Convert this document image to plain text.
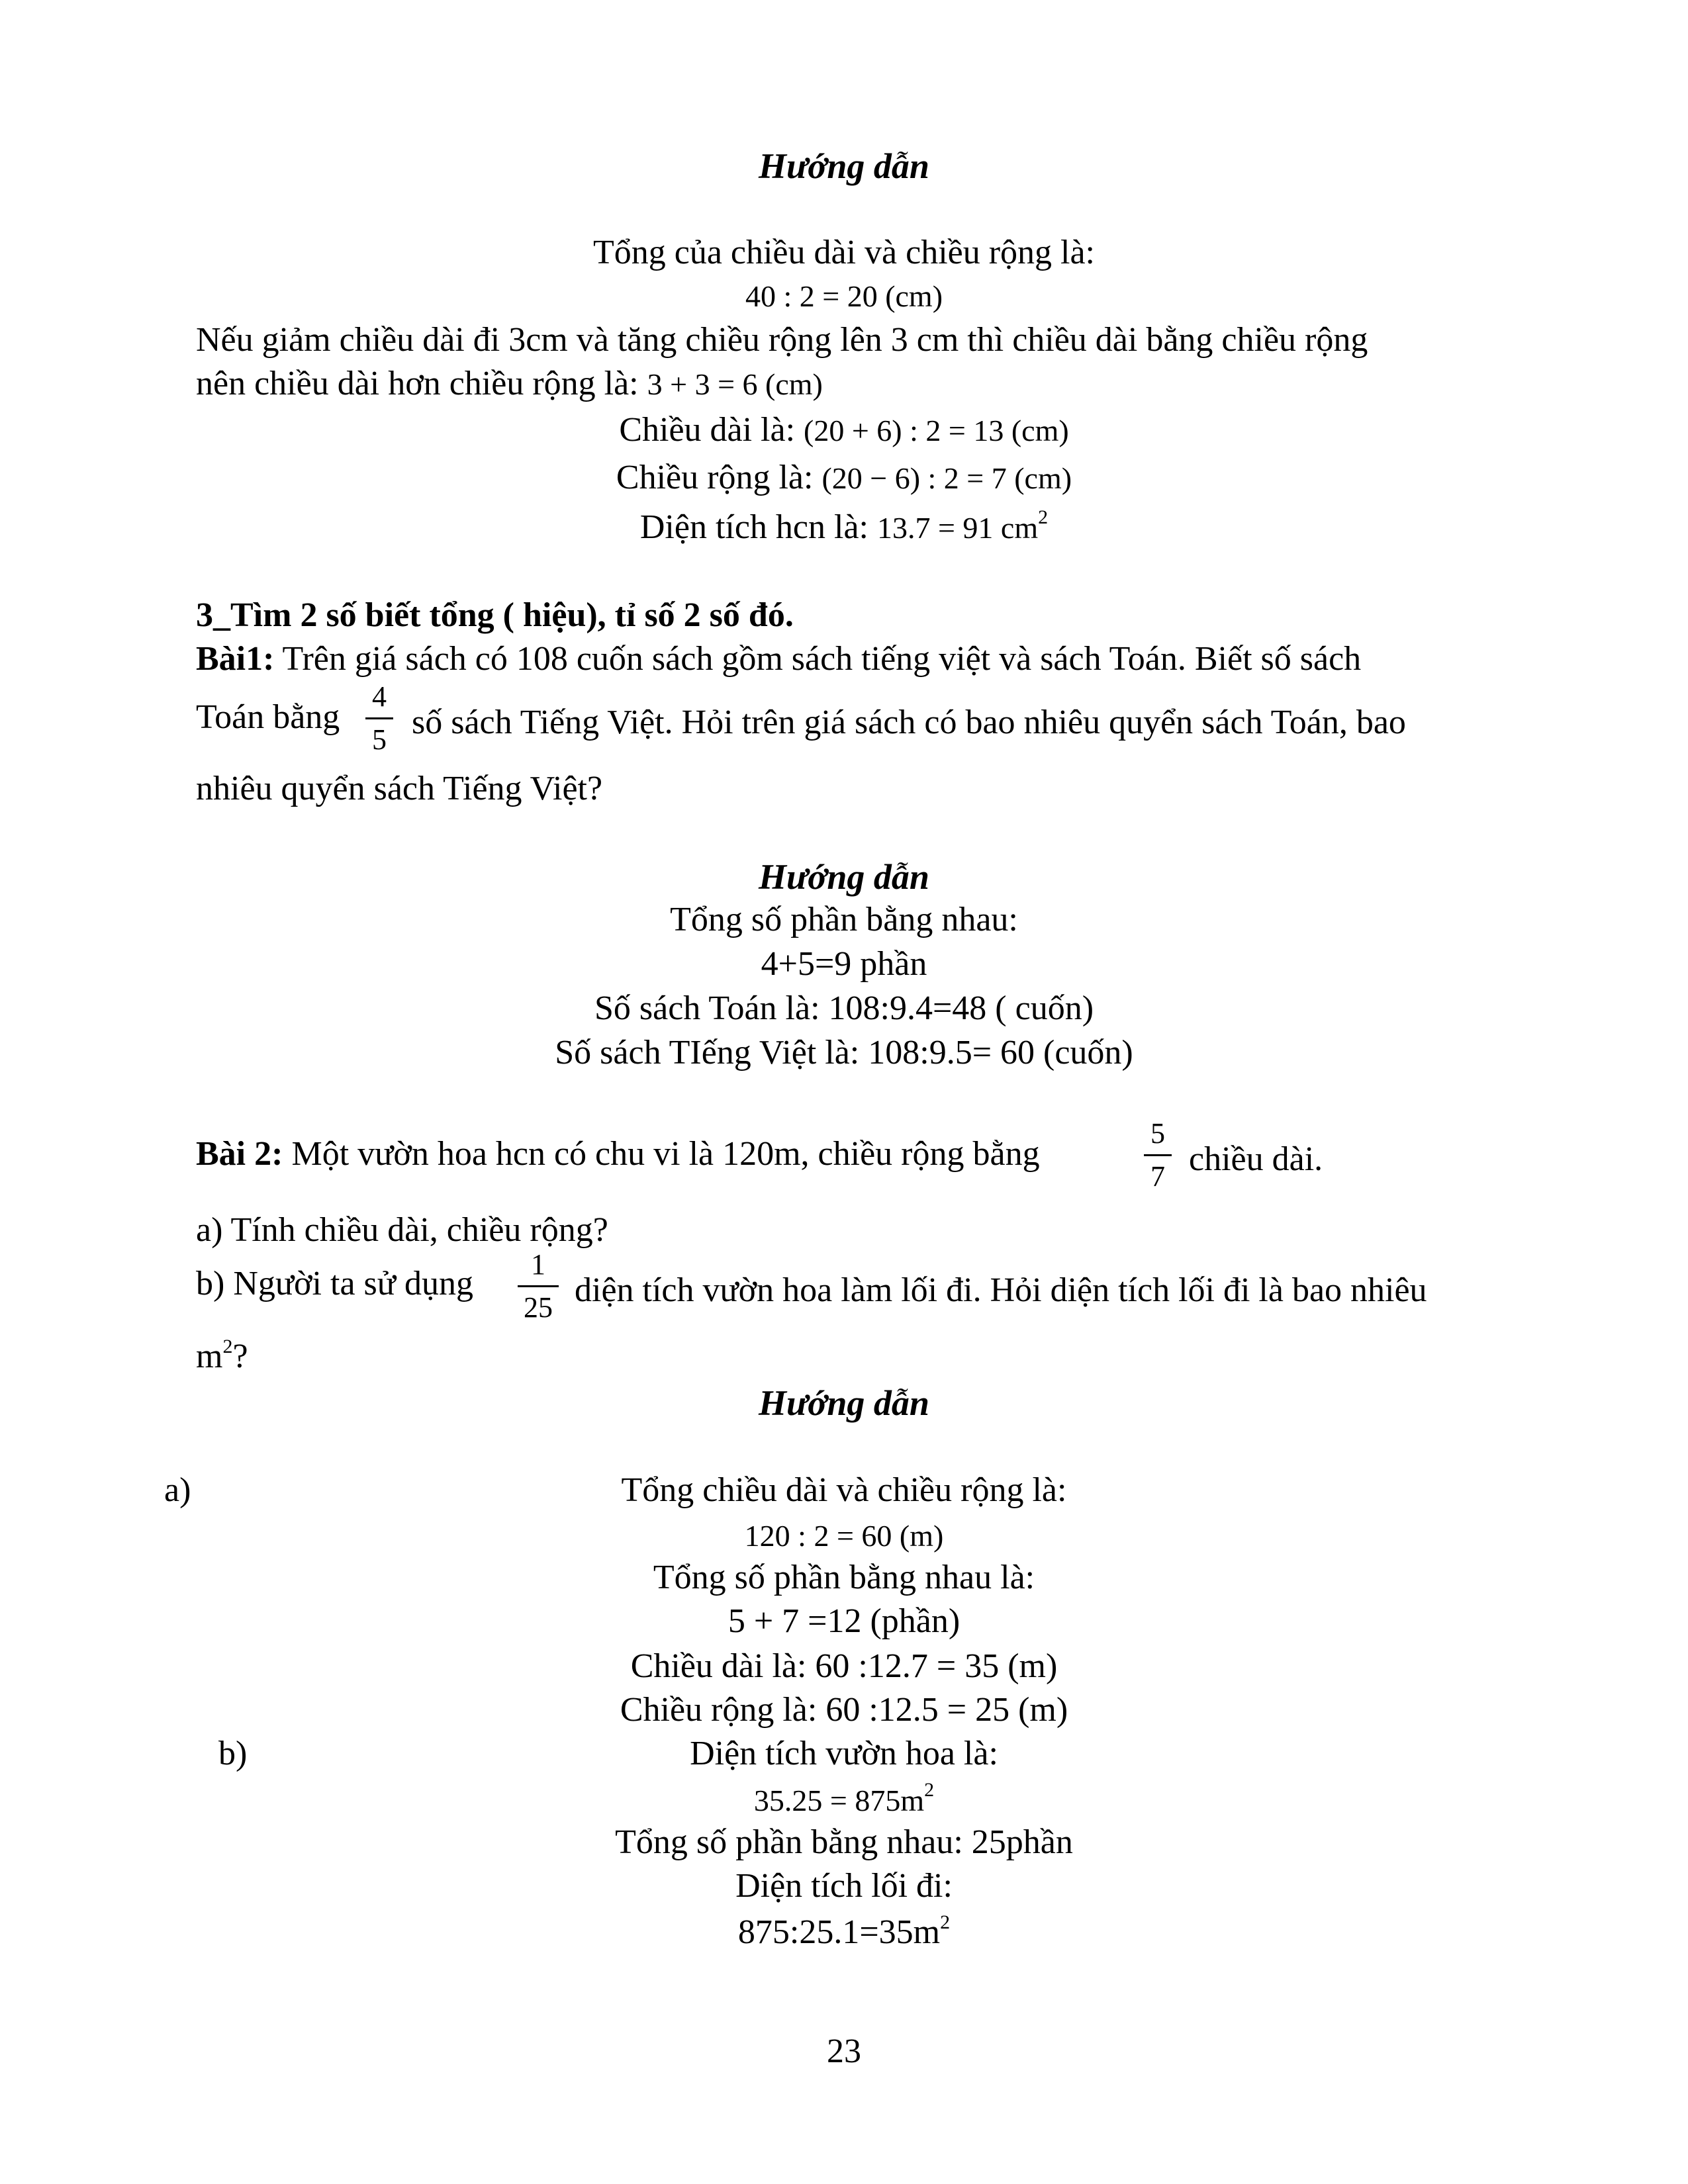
Hướng dẫn
Tổng của chiều dài và chiều rộng là:
40 : 2 = 20 (cm)
Nếu giảm chiều dài đi 3cm và tăng chiều rộng lên 3 cm thì chiều dài bằng chiều rộng
nên chiều dài hơn chiều rộng là: 3 + 3 = 6 (cm)
Chiều dài là: (20 + 6) : 2 = 13 (cm)
Chiều rộng là: (20 − 6) : 2 = 7 (cm)
Diện tích hcn là: 13.7 = 91 $cm^2$
3_Tìm 2 số biết tổng ( hiệu), tỉ số 2 số đó.
Bài1: Trên giá sách có 108 cuốn sách gồm sách tiếng việt và sách Toán. Biết số sách
Toán bằng
4
5 số sách Tiếng Việt. Hỏi trên giá sách có bao nhiêu quyển sách Toán, bao
nhiêu quyển sách Tiếng Việt?
Hướng dẫn
Tổng số phần bằng nhau:
4+5=9 phần
Số sách Toán là: 108:9.4=48 ( cuốn)
Số sách TIếng Việt là: 108:9.5= 60 (cuốn)
Bài 2: Một vườn hoa hcn có chu vi là 120m, chiều rộng bằng
5
7 chiều dài.
a) Tính chiều dài, chiều rộng?
b) Người ta sử dụng
1
25 diện tích vườn hoa làm lối đi. Hỏi diện tích lối đi là bao nhiêu
$m^2$?
Hướng dẫn
a)	Tổng chiều dài và chiều rộng là:
120 : 2 = 60 (m)
Tổng số phần bằng nhau là:
5 + 7 =12 (phần)
Chiều dài là: 60 :12.7 = 35 (m)
Chiều rộng là: 60 :12.5 = 25 (m)
b)	Diện tích vườn hoa là:
$35.25 = 875m^2$
Tổng số phần bằng nhau: 25phần
Diện tích lối đi:
$875:25.1=35m^2$
23
